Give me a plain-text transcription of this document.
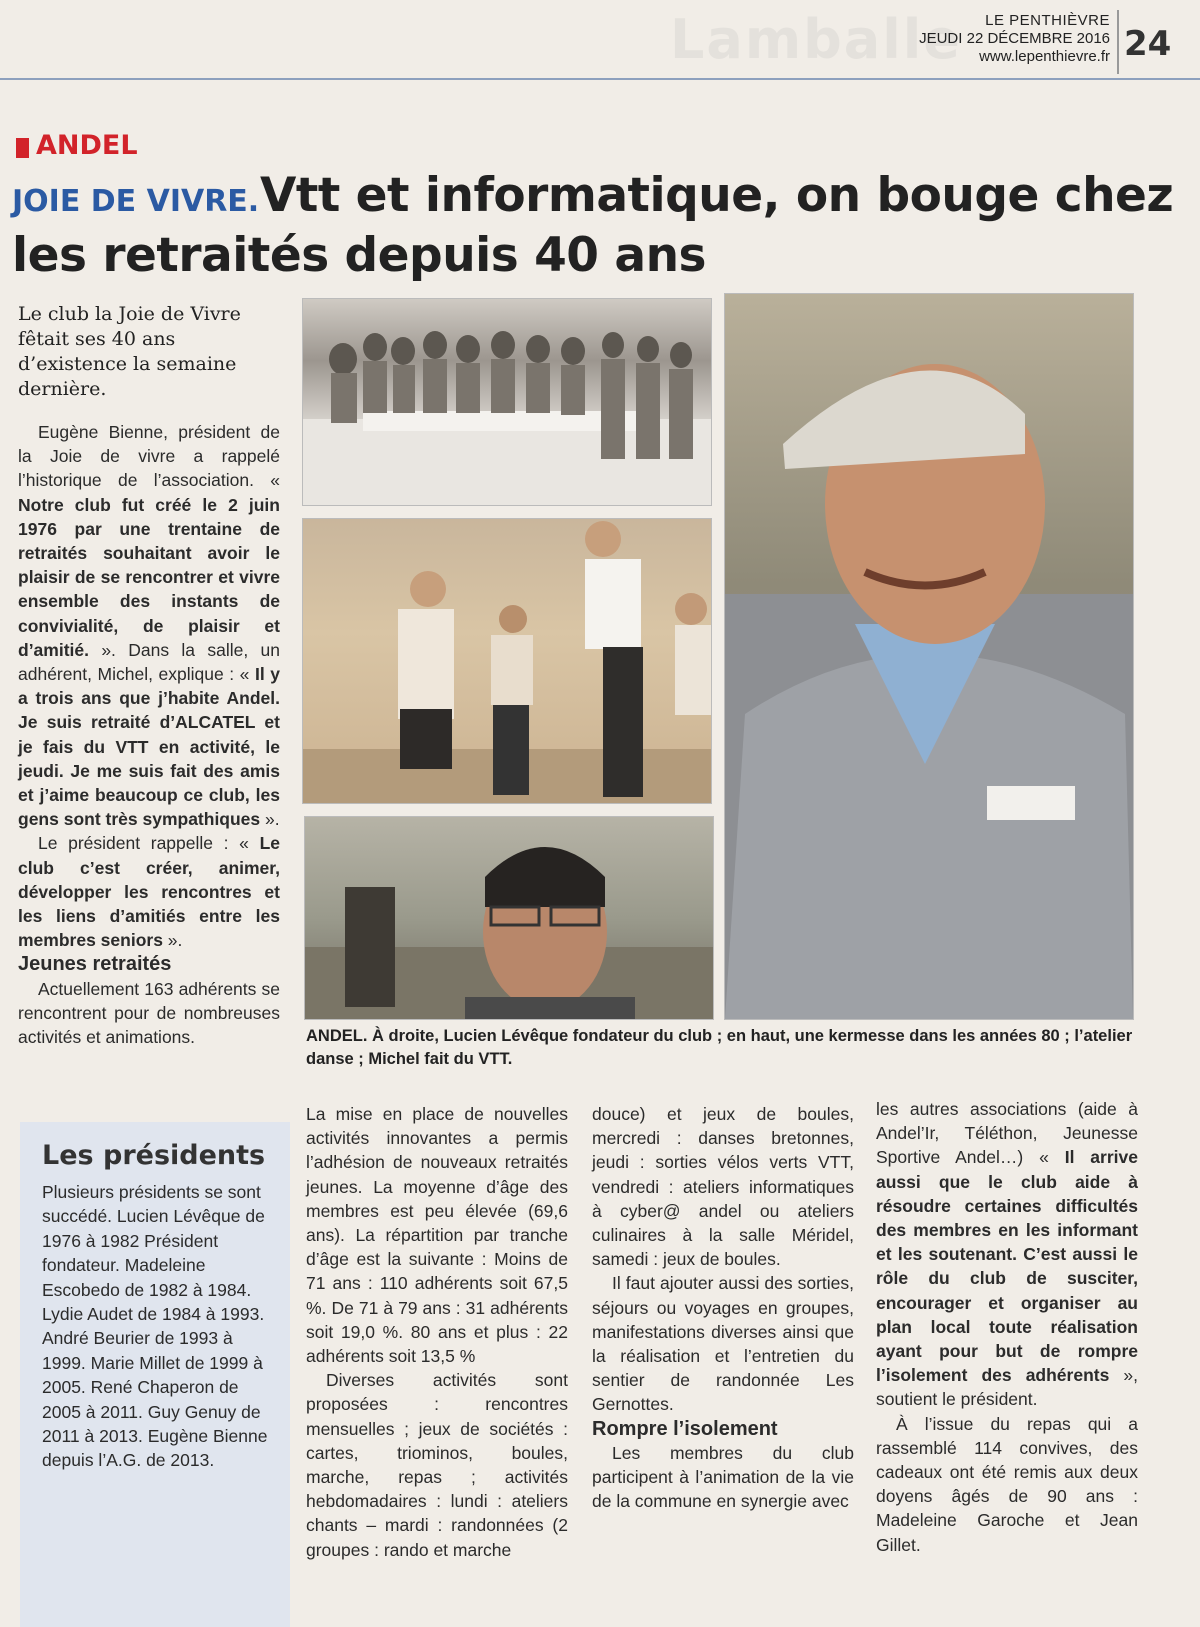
Lamballe	LE PENTHIÈVRE
JEUDI 22 DÉCEMBRE 2016
www.lepenthievre.fr 24
ANDEL
Vtt et informatique, on bouge chez les retraités depuis 40 ans
JOIE DE VIVRE.

Le club la Joie de Vivre fêtait ses 40 ans d’existence la semaine dernière.

Eugène Bienne, président de la Joie de vivre a rappelé l’historique de l’association. « Notre club fut créé le 2 juin 1976 par une trentaine de retraités souhaitant avoir le plaisir de se rencontrer et vivre ensemble des instants de convivialité, de plaisir et d’amitié. ». Dans la salle, un adhérent, Michel, explique : « Il y a trois ans que j’habite Andel. Je suis retraité d’ALCATEL et je fais du VTT en activité, le jeudi. Je me suis fait des amis et j’aime beaucoup ce club, les gens sont très sympathiques ».

Le président rappelle : « Le club c’est créer, animer, développer les rencontres et les liens d’amitiés entre les membres seniors ».

Jeunes retraités

Actuellement 163 adhérents se rencontrent pour de nombreuses activités et animations.	ANDEL. À droite, Lucien Lévêque fondateur du club ; en haut, une kermesse dans les années 80 ; l’atelier danse ; Michel fait du VTT.

Les présidents

Plusieurs présidents se sont succédé. Lucien Lévêque de 1976 à 1982 Président fondateur. Madeleine Escobedo de 1982 à 1984. Lydie Audet de 1984 à 1993. André Beurier de 1993 à 1999. Marie Millet de 1999 à 2005. René Chaperon de 2005 à 2011. Guy Genuy de 2011 à 2013. Eugène Bienne depuis l’A.G. de 2013.

La mise en place de nouvelles activités innovantes a permis l’adhésion de nouveaux retraités jeunes. La moyenne d’âge des membres est peu élevée (69,6 ans). La répartition par tranche d’âge est la suivante : Moins de 71 ans : 110 adhérents soit 67,5 %. De 71 à 79 ans : 31 adhérents soit 19,0 %. 80 ans et plus : 22 adhérents soit 13,5 %

Diverses activités sont proposées : rencontres mensuelles ; jeux de sociétés : cartes, triominos, boules, marche, repas ; activités hebdomadaires : lundi : ateliers chants – mardi : randonnées (2 groupes : rando et marche

douce) et jeux de boules, mercredi : danses bretonnes, jeudi : sorties vélos verts VTT, vendredi : ateliers informatiques à cyber@ andel ou ateliers culinaires à la salle Méridel, samedi : jeux de boules.

Il faut ajouter aussi des sorties, séjours ou voyages en groupes, manifestations diverses ainsi que la réalisation et l’entretien du sentier de randonnée Les Gernottes.

Rompre l’isolement

Les membres du club participent à l’animation de la vie de la commune en synergie avec

les autres associations (aide à Andel’Ir, Téléthon, Jeunesse Sportive Andel…) « Il arrive aussi que le club aide à résoudre certaines difficultés des membres en les informant et les soutenant. C’est aussi le rôle du club de susciter, encourager et organiser au plan local toute réalisation ayant pour but de rompre l’isolement des adhérents », soutient le président.

À l’issue du repas qui a rassemblé 114 convives, des cadeaux ont été remis aux deux doyens âgés de 90 ans : Madeleine Garoche et Jean Gillet.
